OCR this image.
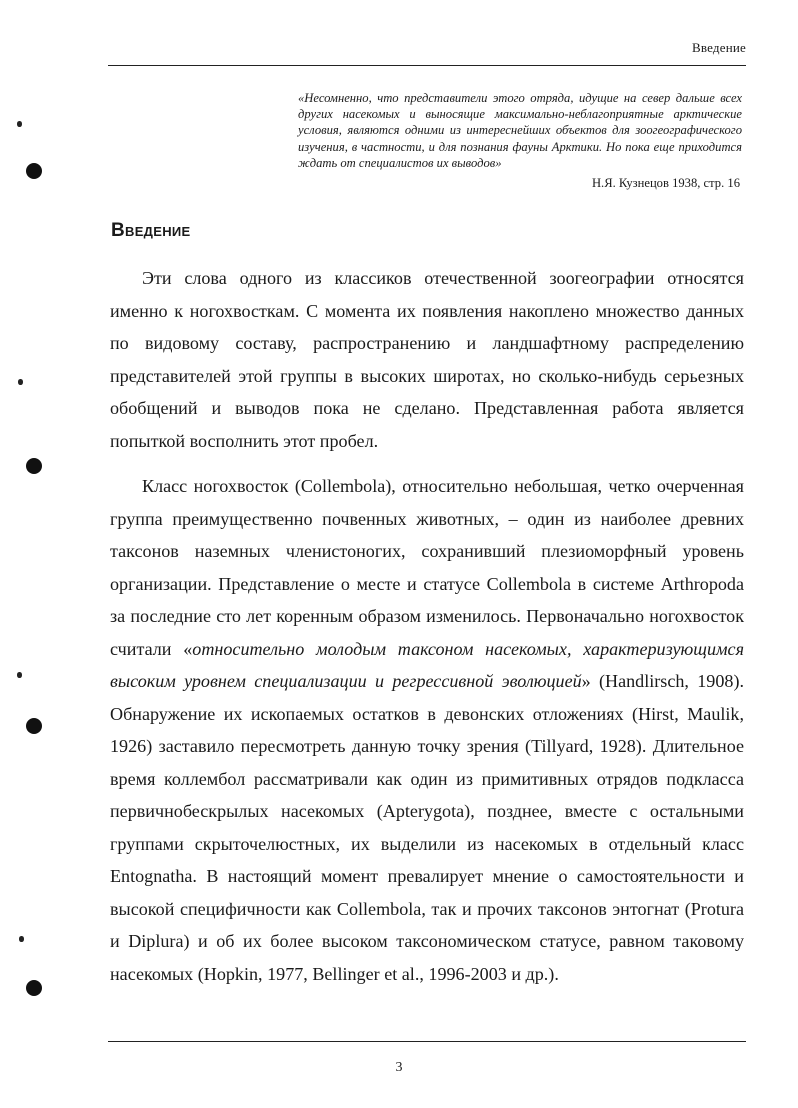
Введение
«Несомненно, что представители этого отряда, идущие на север дальше всех других насекомых и выносящие максимально-неблагоприятные арктические условия, являются одними из интереснейших объектов для зоогеографического изучения, в частности, и для познания фауны Арктики. Но пока еще приходится ждать от специалистов их выводов»
Н.Я. Кузнецов 1938, стр. 16
Введение

Эти слова одного из классиков отечественной зоогеографии относятся именно к ногохвосткам. С момента их появления накоплено множество данных по видовому составу, распространению и ландшафтному распределению представителей этой группы в высоких широтах, но сколько-нибудь серьезных обобщений и выводов пока не сделано. Представленная работа является попыткой восполнить этот пробел.

Класс ногохвосток (Collembola), относительно небольшая, четко очерченная группа преимущественно почвенных животных, – один из наиболее древних таксонов наземных членистоногих, сохранивший плезиоморфный уровень организации. Представление о месте и статусе Collembola в системе Arthropoda за последние сто лет коренным образом изменилось. Первоначально ногохвосток считали «относительно молодым таксоном насекомых, характеризующимся высоким уровнем специализации и регрессивной эволюцией» (Handlirsch, 1908). Обнаружение их ископаемых остатков в девонских отложениях (Hirst, Maulik, 1926) заставило пересмотреть данную точку зрения (Tillyard, 1928). Длительное время коллембол рассматривали как один из примитивных отрядов подкласса первичнобескрылых насекомых (Apterygota), позднее, вместе с остальными группами скрыточелюстных, их выделили из насекомых в отдельный класс Entognatha. В настоящий момент превалирует мнение о самостоятельности и высокой специфичности как Collembola, так и прочих таксонов энтогнат (Protura и Diplura) и об их более высоком таксономическом статусе, равном таковому насекомых (Hopkin, 1977, Bellinger et al., 1996-2003 и др.).

3
